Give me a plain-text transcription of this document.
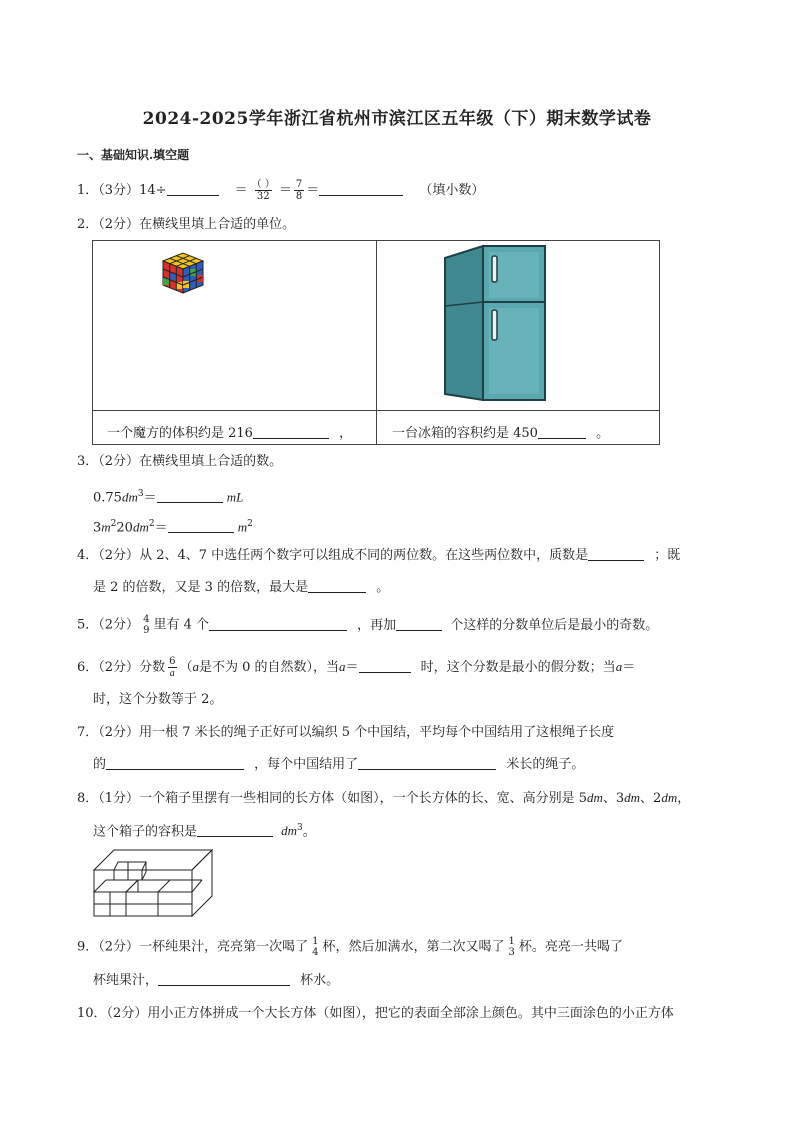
2024-2025学年浙江省杭州市滨江区五年级（下）期末数学试卷
一、基础知识.填空题
1．（3分）14÷	＝ $\frac{( )}{32} = \frac{7}{8}$ ＝	（填小数）
2．（2分）在横线里填上合适的单位。
一个魔方的体积约是 216	，	一台冰箱的容积约是 450	。
3．（2分）在横线里填上合适的数。
$0.75dm^3=$	mL
$3m^220dm^2=$	$m^2$
4．（2分）从 2、4、7 中选任两个数字可以组成不同的两位数。在这些两位数中，质数是	；既
是 2 的倍数，又是 3 的倍数，最大是	。
5．（2分） 4
9 里有 4 个	，再加	个这样的分数单位后是最小的奇数。
6．（2分）分数 $\frac{6}{a} (a$是不为 0 的自然数），当a＝	时，这个分数是最小的假分数；当a＝
时，这个分数等于 2。
7．（2分）用一根 7 米长的绳子正好可以编织 5 个中国结，平均每个中国结用了这根绳子长度
的	，每个中国结用了	米长的绳子。
8．（1分）一个箱子里摆有一些相同的长方体（如图），一个长方体的长、宽、高分别是 5dm、3dm、2dm，
这个箱子的容积是	$dm^3$。
9．（2分）一杯纯果汁，亮亮第一次喝了 1
4 杯，然后加满水，第二次又喝了 1
3 杯。亮亮一共喝了
杯纯果汁，	杯水。
10．（2分）用小正方体拼成一个大长方体（如图），把它的表面全部涂上颜色。其中三面涂色的小正方体
